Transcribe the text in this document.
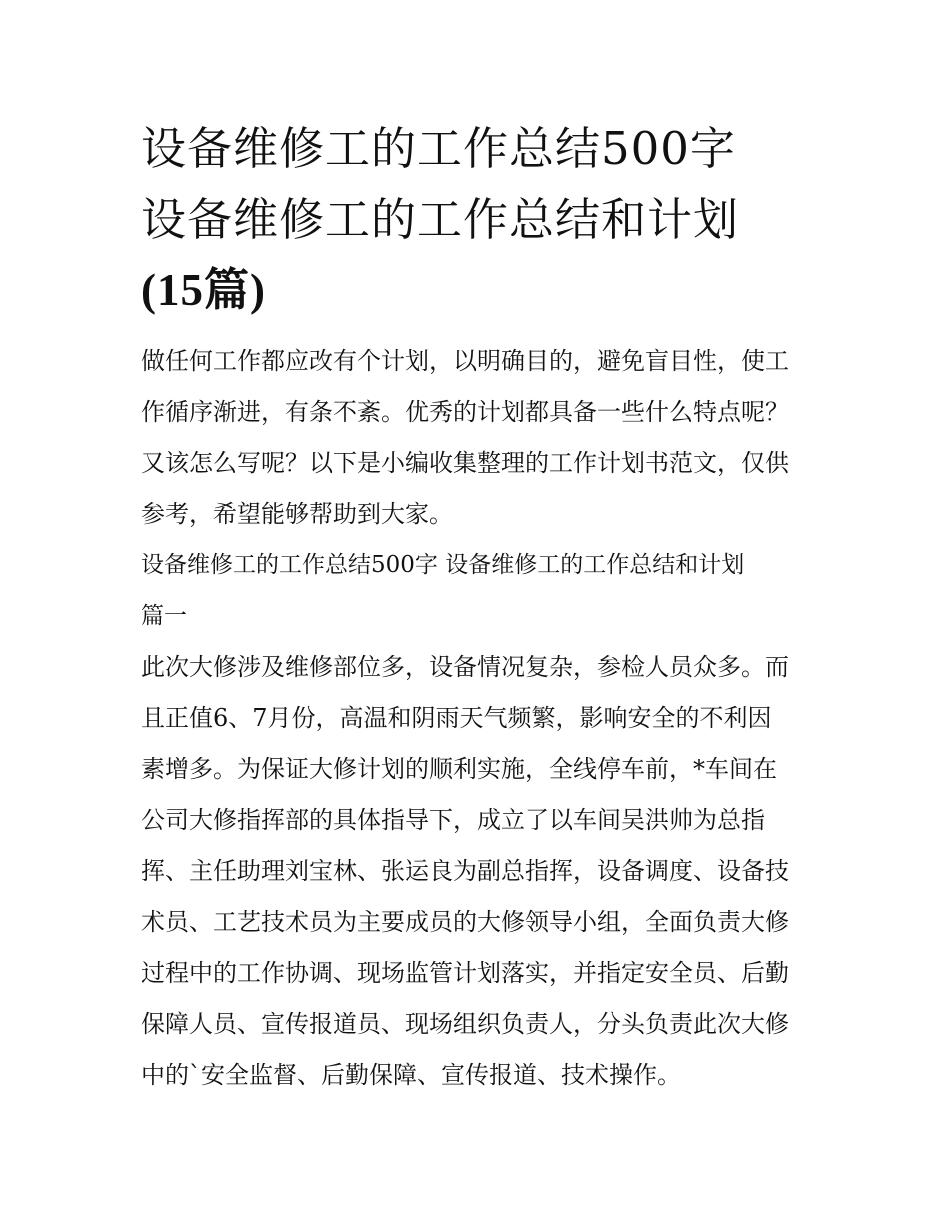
设备维修工的工作总结500字
设备维修工的工作总结和计划
(15篇)

做任何工作都应改有个计划，以明确目的，避免盲目性，使工
作循序渐进，有条不紊。优秀的计划都具备一些什么特点呢？
又该怎么写呢？以下是小编收集整理的工作计划书范文，仅供
参考，希望能够帮助到大家。

设备维修工的工作总结500字 设备维修工的工作总结和计划
篇一

此次大修涉及维修部位多，设备情况复杂，参检人员众多。而
且正值6、7月份，高温和阴雨天气频繁，影响安全的不利因
素增多。为保证大修计划的顺利实施，全线停车前，*车间在
公司大修指挥部的具体指导下，成立了以车间吴洪帅为总指
挥、主任助理刘宝林、张运良为副总指挥，设备调度、设备技
术员、工艺技术员为主要成员的大修领导小组，全面负责大修
过程中的工作协调、现场监管计划落实，并指定安全员、后勤
保障人员、宣传报道员、现场组织负责人，分头负责此次大修
中的`安全监督、后勤保障、宣传报道、技术操作。
